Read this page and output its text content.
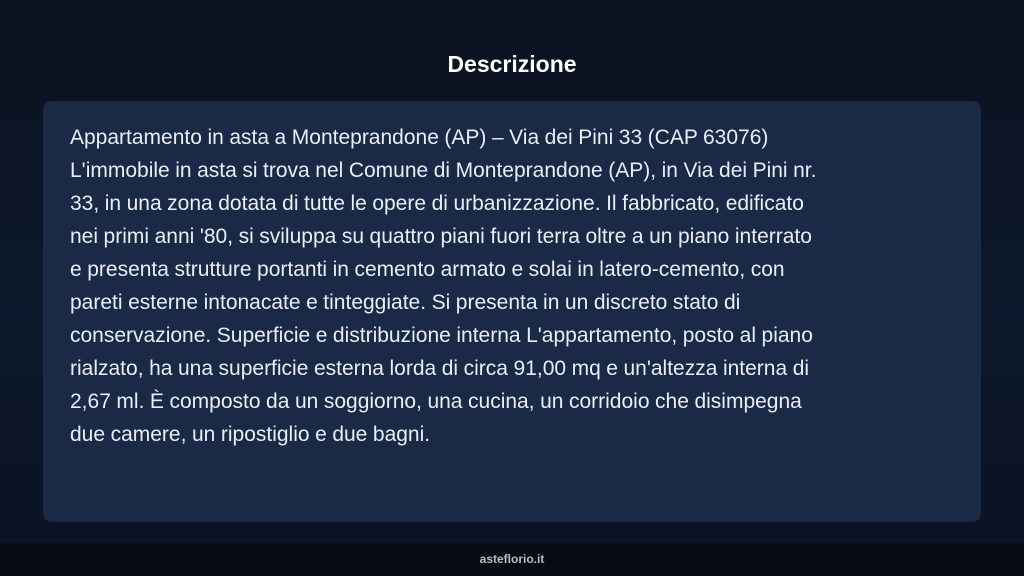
Descrizione

Appartamento in asta a Monteprandone (AP) – Via dei Pini 33 (CAP 63076)
L'immobile in asta si trova nel Comune di Monteprandone (AP), in Via dei Pini nr.
33, in una zona dotata di tutte le opere di urbanizzazione. Il fabbricato, edificato
nei primi anni '80, si sviluppa su quattro piani fuori terra oltre a un piano interrato
e presenta strutture portanti in cemento armato e solai in latero-cemento, con
pareti esterne intonacate e tinteggiate. Si presenta in un discreto stato di
conservazione. Superficie e distribuzione interna L'appartamento, posto al piano
rialzato, ha una superficie esterna lorda di circa 91,00 mq e un'altezza interna di
2,67 ml. È composto da un soggiorno, una cucina, un corridoio che disimpegna
due camere, un ripostiglio e due bagni.

asteflorio.it
